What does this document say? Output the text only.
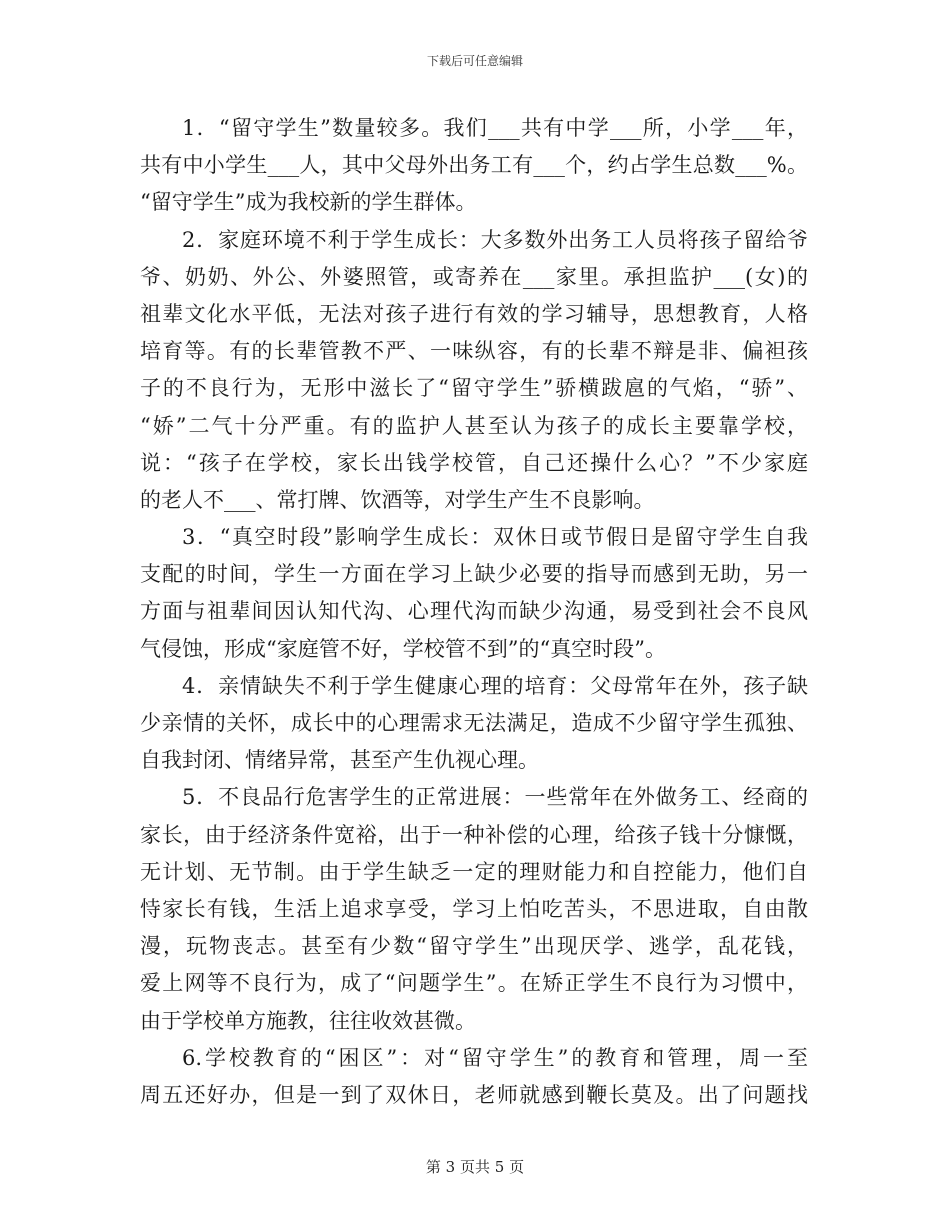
下载后可任意编辑
1．“留守学生”数量较多。我们___共有中学___所，小学___年，
共有中小学生___人，其中父母外出务工有___个，约占学生总数___%。
“留守学生”成为我校新的学生群体。
2．家庭环境不利于学生成长：大多数外出务工人员将孩子留给爷
爷、奶奶、外公、外婆照管，或寄养在___家里。承担监护___(女)的
祖辈文化水平低，无法对孩子进行有效的学习辅导，思想教育，人格
培育等。有的长辈管教不严、一味纵容，有的长辈不辩是非、偏袒孩
子的不良行为，无形中滋长了“留守学生”骄横跋扈的气焰，“骄”、
“娇”二气十分严重。有的监护人甚至认为孩子的成长主要靠学校，
说：“孩子在学校，家长出钱学校管，自己还操什么心？”不少家庭
的老人不___、常打牌、饮酒等，对学生产生不良影响。
3．“真空时段”影响学生成长：双休日或节假日是留守学生自我
支配的时间，学生一方面在学习上缺少必要的指导而感到无助，另一
方面与祖辈间因认知代沟、心理代沟而缺少沟通，易受到社会不良风
气侵蚀，形成“家庭管不好，学校管不到”的“真空时段”。
4．亲情缺失不利于学生健康心理的培育：父母常年在外，孩子缺
少亲情的关怀，成长中的心理需求无法满足，造成不少留守学生孤独、
自我封闭、情绪异常，甚至产生仇视心理。
5．不良品行危害学生的正常进展：一些常年在外做务工、经商的
家长，由于经济条件宽裕，出于一种补偿的心理，给孩子钱十分慷慨，
无计划、无节制。由于学生缺乏一定的理财能力和自控能力，他们自
恃家长有钱，生活上追求享受，学习上怕吃苦头，不思进取，自由散
漫，玩物丧志。甚至有少数“留守学生”出现厌学、逃学，乱花钱，
爱上网等不良行为，成了“问题学生”。在矫正学生不良行为习惯中，
由于学校单方施教，往往收效甚微。
6.学校教育的“困区”：对“留守学生”的教育和管理，周一至
周五还好办，但是一到了双休日，老师就感到鞭长莫及。出了问题找
第 3 页共 5 页
